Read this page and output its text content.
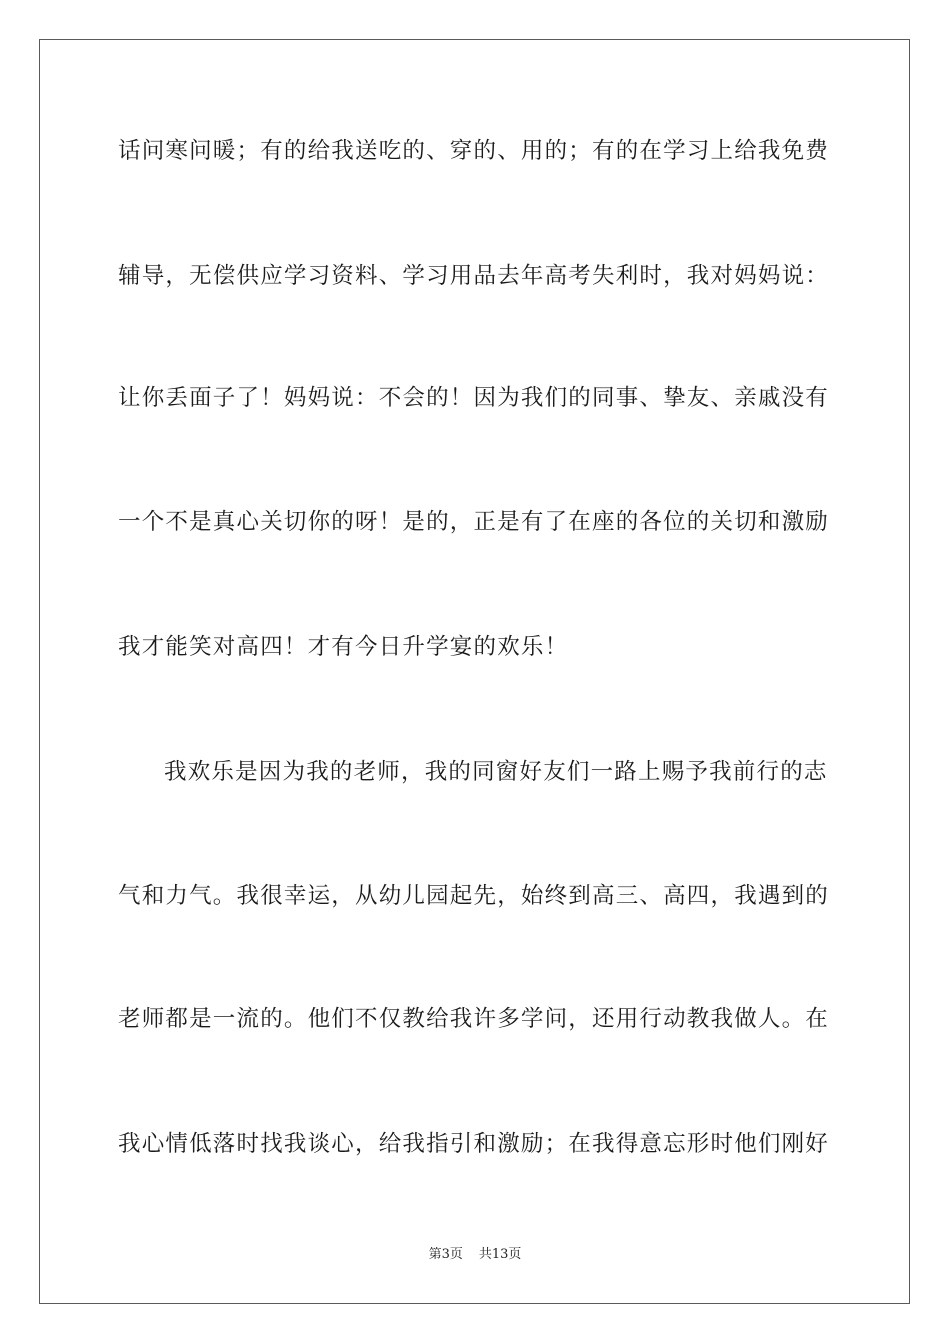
话问寒问暖；有的给我送吃的、穿的、用的；有的在学习上给我免费
辅导，无偿供应学习资料、学习用品去年高考失利时，我对妈妈说：
让你丢面子了！妈妈说：不会的！因为我们的同事、挚友、亲戚没有
一个不是真心关切你的呀！是的，正是有了在座的各位的关切和激励
我才能笑对高四！才有今日升学宴的欢乐！
我欢乐是因为我的老师，我的同窗好友们一路上赐予我前行的志
气和力气。我很幸运，从幼儿园起先，始终到高三、高四，我遇到的
老师都是一流的。他们不仅教给我许多学问，还用行动教我做人。在
我心情低落时找我谈心，给我指引和激励；在我得意忘形时他们刚好
第3页 共13页
